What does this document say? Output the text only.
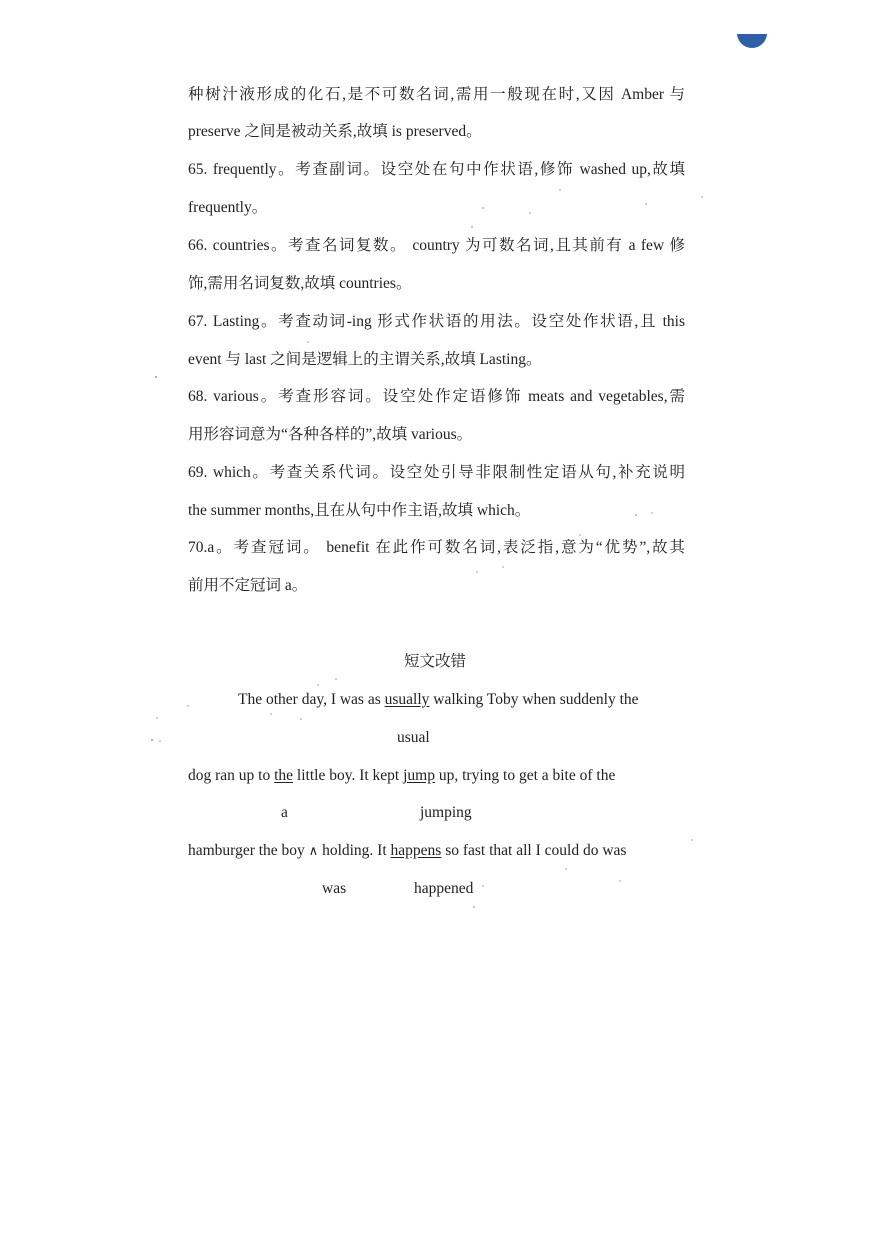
种树汁液形成的化石,是不可数名词,需用一般现在时,又因 Amber 与
preserve 之间是被动关系,故填 is preserved。
65. frequently。考查副词。设空处在句中作状语,修饰 washed up,故填
frequently。
66. countries。考查名词复数。 country 为可数名词,且其前有 a few 修
饰,需用名词复数,故填 countries。
67. Lasting。考查动词-ing 形式作状语的用法。设空处作状语,且 this
event 与 last 之间是逻辑上的主谓关系,故填 Lasting。
68. various。考查形容词。设空处作定语修饰 meats and vegetables,需
用形容词意为“各种各样的”,故填 various。
69. which。考查关系代词。设空处引导非限制性定语从句,补充说明
the summer months,且在从句中作主语,故填 which。
70.a。考查冠词。 benefit 在此作可数名词,表泛指,意为“优势”,故其
前用不定冠词 a。
短文改错
The other day, I was as usually walking Toby when suddenly the
usual
dog ran up to the little boy. It kept jump up, trying to get a bite of the
a	jumping
hamburger the boy ∧ holding. It happens so fast that all I could do was
was	happened
